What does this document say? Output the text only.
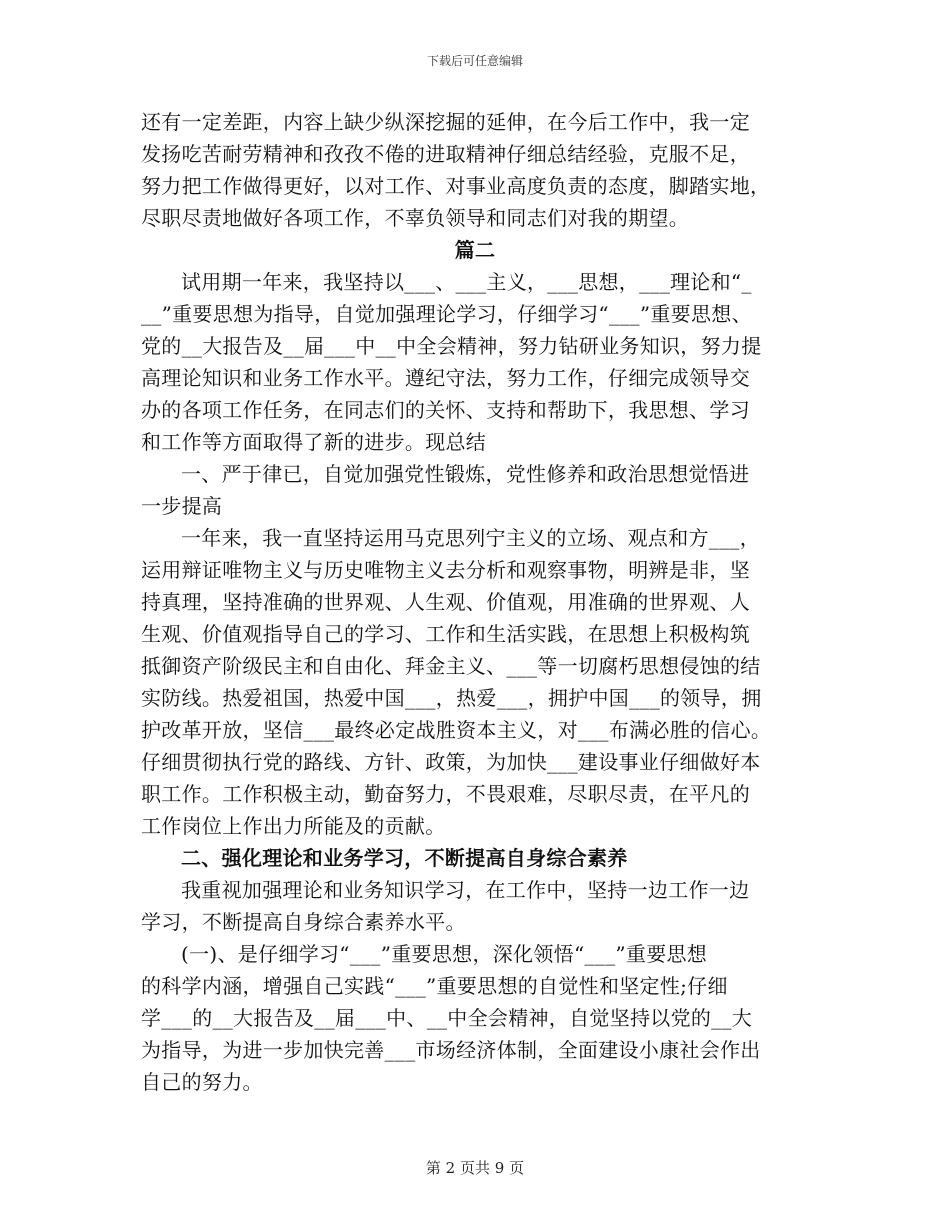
下载后可任意编辑
还有一定差距，内容上缺少纵深挖掘的延伸，在今后工作中，我一定
发扬吃苦耐劳精神和孜孜不倦的进取精神仔细总结经验，克服不足，
努力把工作做得更好，以对工作、对事业高度负责的态度，脚踏实地，
尽职尽责地做好各项工作，不辜负领导和同志们对我的期望。
篇二
试用期一年来，我坚持以___、___主义，___思想，___理论和“_
__”重要思想为指导，自觉加强理论学习，仔细学习“___”重要思想、
党的__大报告及__届___中__中全会精神，努力钻研业务知识，努力提
高理论知识和业务工作水平。遵纪守法，努力工作，仔细完成领导交
办的各项工作任务，在同志们的关怀、支持和帮助下，我思想、学习
和工作等方面取得了新的进步。现总结
一、严于律已，自觉加强党性锻炼，党性修养和政治思想觉悟进
一步提高
一年来，我一直坚持运用马克思列宁主义的立场、观点和方___，
运用辩证唯物主义与历史唯物主义去分析和观察事物，明辨是非，坚
持真理，坚持准确的世界观、人生观、价值观，用准确的世界观、人
生观、价值观指导自己的学习、工作和生活实践，在思想上积极构筑
抵御资产阶级民主和自由化、拜金主义、___等一切腐朽思想侵蚀的结
实防线。热爱祖国，热爱中国___，热爱___，拥护中国___的领导，拥
护改革开放，坚信___最终必定战胜资本主义，对___布满必胜的信心。
仔细贯彻执行党的路线、方针、政策，为加快___建设事业仔细做好本
职工作。工作积极主动，勤奋努力，不畏艰难，尽职尽责，在平凡的
工作岗位上作出力所能及的贡献。
二、强化理论和业务学习，不断提高自身综合素养
我重视加强理论和业务知识学习，在工作中，坚持一边工作一边
学习，不断提高自身综合素养水平。
(一)、是仔细学习“___”重要思想，深化领悟“___”重要思想
的科学内涵，增强自己实践“___”重要思想的自觉性和坚定性;仔细
学___的__大报告及__届___中、__中全会精神，自觉坚持以党的__大
为指导，为进一步加快完善___市场经济体制，全面建设小康社会作出
自己的努力。
第 2 页共 9 页
